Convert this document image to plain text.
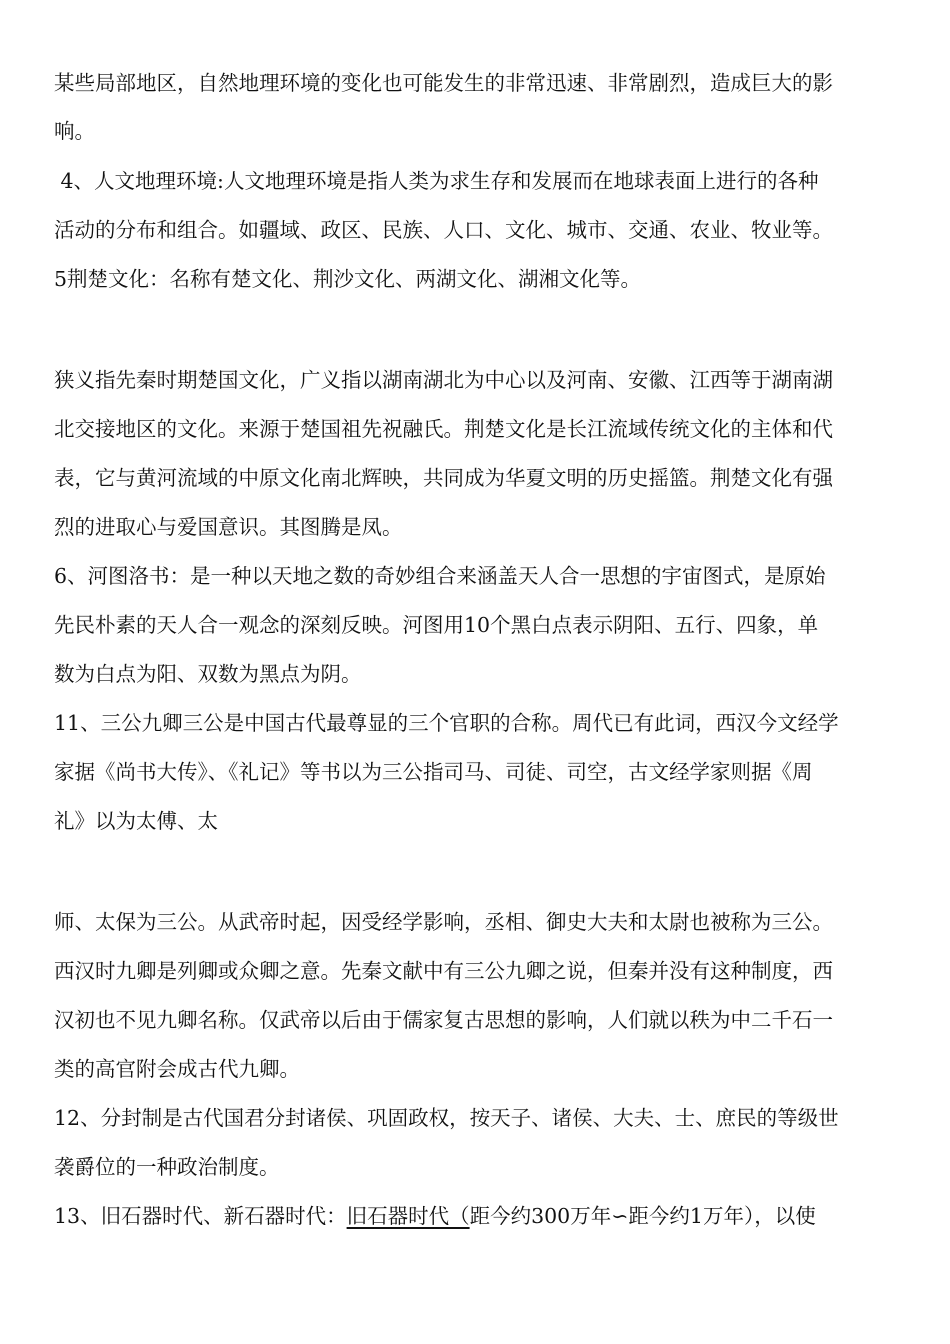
某些局部地区，自然地理环境的变化也可能发生的非常迅速、非常剧烈，造成巨大的影
响。
4、人文地理环境:人文地理环境是指人类为求生存和发展而在地球表面上进行的各种
活动的分布和组合。如疆域、政区、民族、人口、文化、城市、交通、农业、牧业等。
5荆楚文化：名称有楚文化、荆沙文化、两湖文化、湖湘文化等。
狭义指先秦时期楚国文化，广义指以湖南湖北为中心以及河南、安徽、江西等于湖南湖
北交接地区的文化。来源于楚国祖先祝融氏。荆楚文化是长江流域传统文化的主体和代
表，它与黄河流域的中原文化南北辉映，共同成为华夏文明的历史摇篮。荆楚文化有强
烈的进取心与爱国意识。其图腾是凤。
6、河图洛书：是一种以天地之数的奇妙组合来涵盖天人合一思想的宇宙图式，是原始
先民朴素的天人合一观念的深刻反映。河图用10个黑白点表示阴阳、五行、四象，单
数为白点为阳、双数为黑点为阴。
11、三公九卿三公是中国古代最尊显的三个官职的合称。周代已有此词，西汉今文经学
家据《尚书大传》、《礼记》等书以为三公指司马、司徒、司空，古文经学家则据《周
礼》以为太傅、太
师、太保为三公。从武帝时起，因受经学影响，丞相、御史大夫和太尉也被称为三公。
西汉时九卿是列卿或众卿之意。先秦文献中有三公九卿之说，但秦并没有这种制度，西
汉初也不见九卿名称。仅武帝以后由于儒家复古思想的影响，人们就以秩为中二千石一
类的高官附会成古代九卿。
12、分封制是古代国君分封诸侯、巩固政权，按天子、诸侯、大夫、士、庶民的等级世
袭爵位的一种政治制度。
13、旧石器时代、新石器时代：旧石器时代（距今约300万年∽距今约1万年），以使
